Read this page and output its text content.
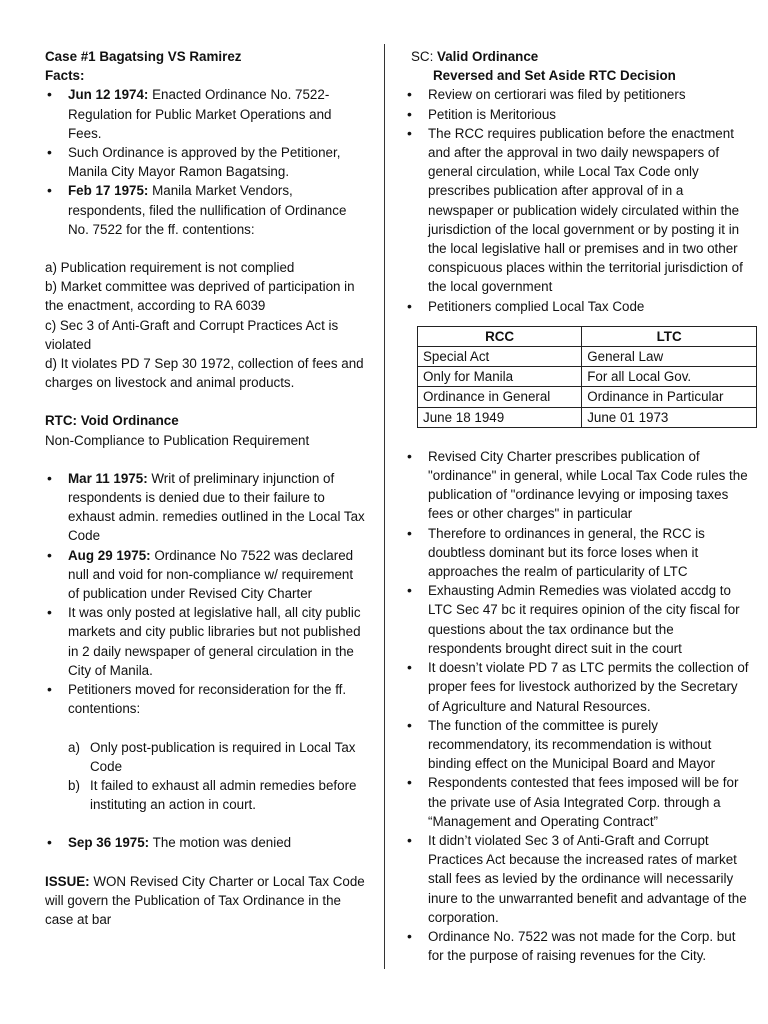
Case #1 Bagatsing VS Ramirez

Facts:

• Jun 12 1974: Enacted Ordinance No. 7522-Regulation for Public Market Operations and Fees.
• Such Ordinance is approved by the Petitioner, Manila City Mayor Ramon Bagatsing.
• Feb 17 1975: Manila Market Vendors, respondents, filed the nullification of Ordinance No. 7522 for the ff. contentions:

a) Publication requirement is not complied

b) Market committee was deprived of participation in the enactment, according to RA 6039

c) Sec 3 of Anti-Graft and Corrupt Practices Act is violated

d) It violates PD 7 Sep 30 1972, collection of fees and charges on livestock and animal products.

RTC: Void Ordinance

Non-Compliance to Publication Requirement

• Mar 11 1975: Writ of preliminary injunction of respondents is denied due to their failure to exhaust admin. remedies outlined in the Local Tax Code
• Aug 29 1975: Ordinance No 7522 was declared null and void for non-compliance w/ requirement of publication under Revised City Charter
• It was only posted at legislative hall, all city public markets and city public libraries but not published in 2 daily newspaper of general circulation in the City of Manila.
• Petitioners moved for reconsideration for the ff. contentions:
a) Only post-publication is required in Local Tax Code
b) It failed to exhaust all admin remedies before instituting an action in court.
• Sep 36 1975: The motion was denied

ISSUE: WON Revised City Charter or Local Tax Code will govern the Publication of Tax Ordinance in the case at bar

SC: Valid Ordinance

Reversed and Set Aside RTC Decision

• Review on certiorari was filed by petitioners
• Petition is Meritorious
• The RCC requires publication before the enactment and after the approval in two daily newspapers of general circulation, while Local Tax Code only prescribes publication after approval of in a newspaper or publication widely circulated within the jurisdiction of the local government or by posting it in the local legislative hall or premises and in two other conspicuous places within the territorial jurisdiction of the local government
• Petitioners complied Local Tax Code
RCC	LTC
Special Act	General Law
Only for Manila	For all Local Gov.
Ordinance in General	Ordinance in Particular
June 18 1949	June 01 1973
• Revised City Charter prescribes publication of "ordinance" in general, while Local Tax Code rules the publication of "ordinance levying or imposing taxes fees or other charges" in particular
• Therefore to ordinances in general, the RCC is doubtless dominant but its force loses when it approaches the realm of particularity of LTC
• Exhausting Admin Remedies was violated accdg to LTC Sec 47 bc it requires opinion of the city fiscal for questions about the tax ordinance but the respondents brought direct suit in the court
• It doesn’t violate PD 7 as LTC permits the collection of proper fees for livestock authorized by the Secretary of Agriculture and Natural Resources.
• The function of the committee is purely recommendatory, its recommendation is without binding effect on the Municipal Board and Mayor
• Respondents contested that fees imposed will be for the private use of Asia Integrated Corp. through a “Management and Operating Contract”
• It didn’t violated Sec 3 of Anti-Graft and Corrupt Practices Act because the increased rates of market stall fees as levied by the ordinance will necessarily inure to the unwarranted benefit and advantage of the corporation.
• Ordinance No. 7522 was not made for the Corp. but for the purpose of raising revenues for the City.
